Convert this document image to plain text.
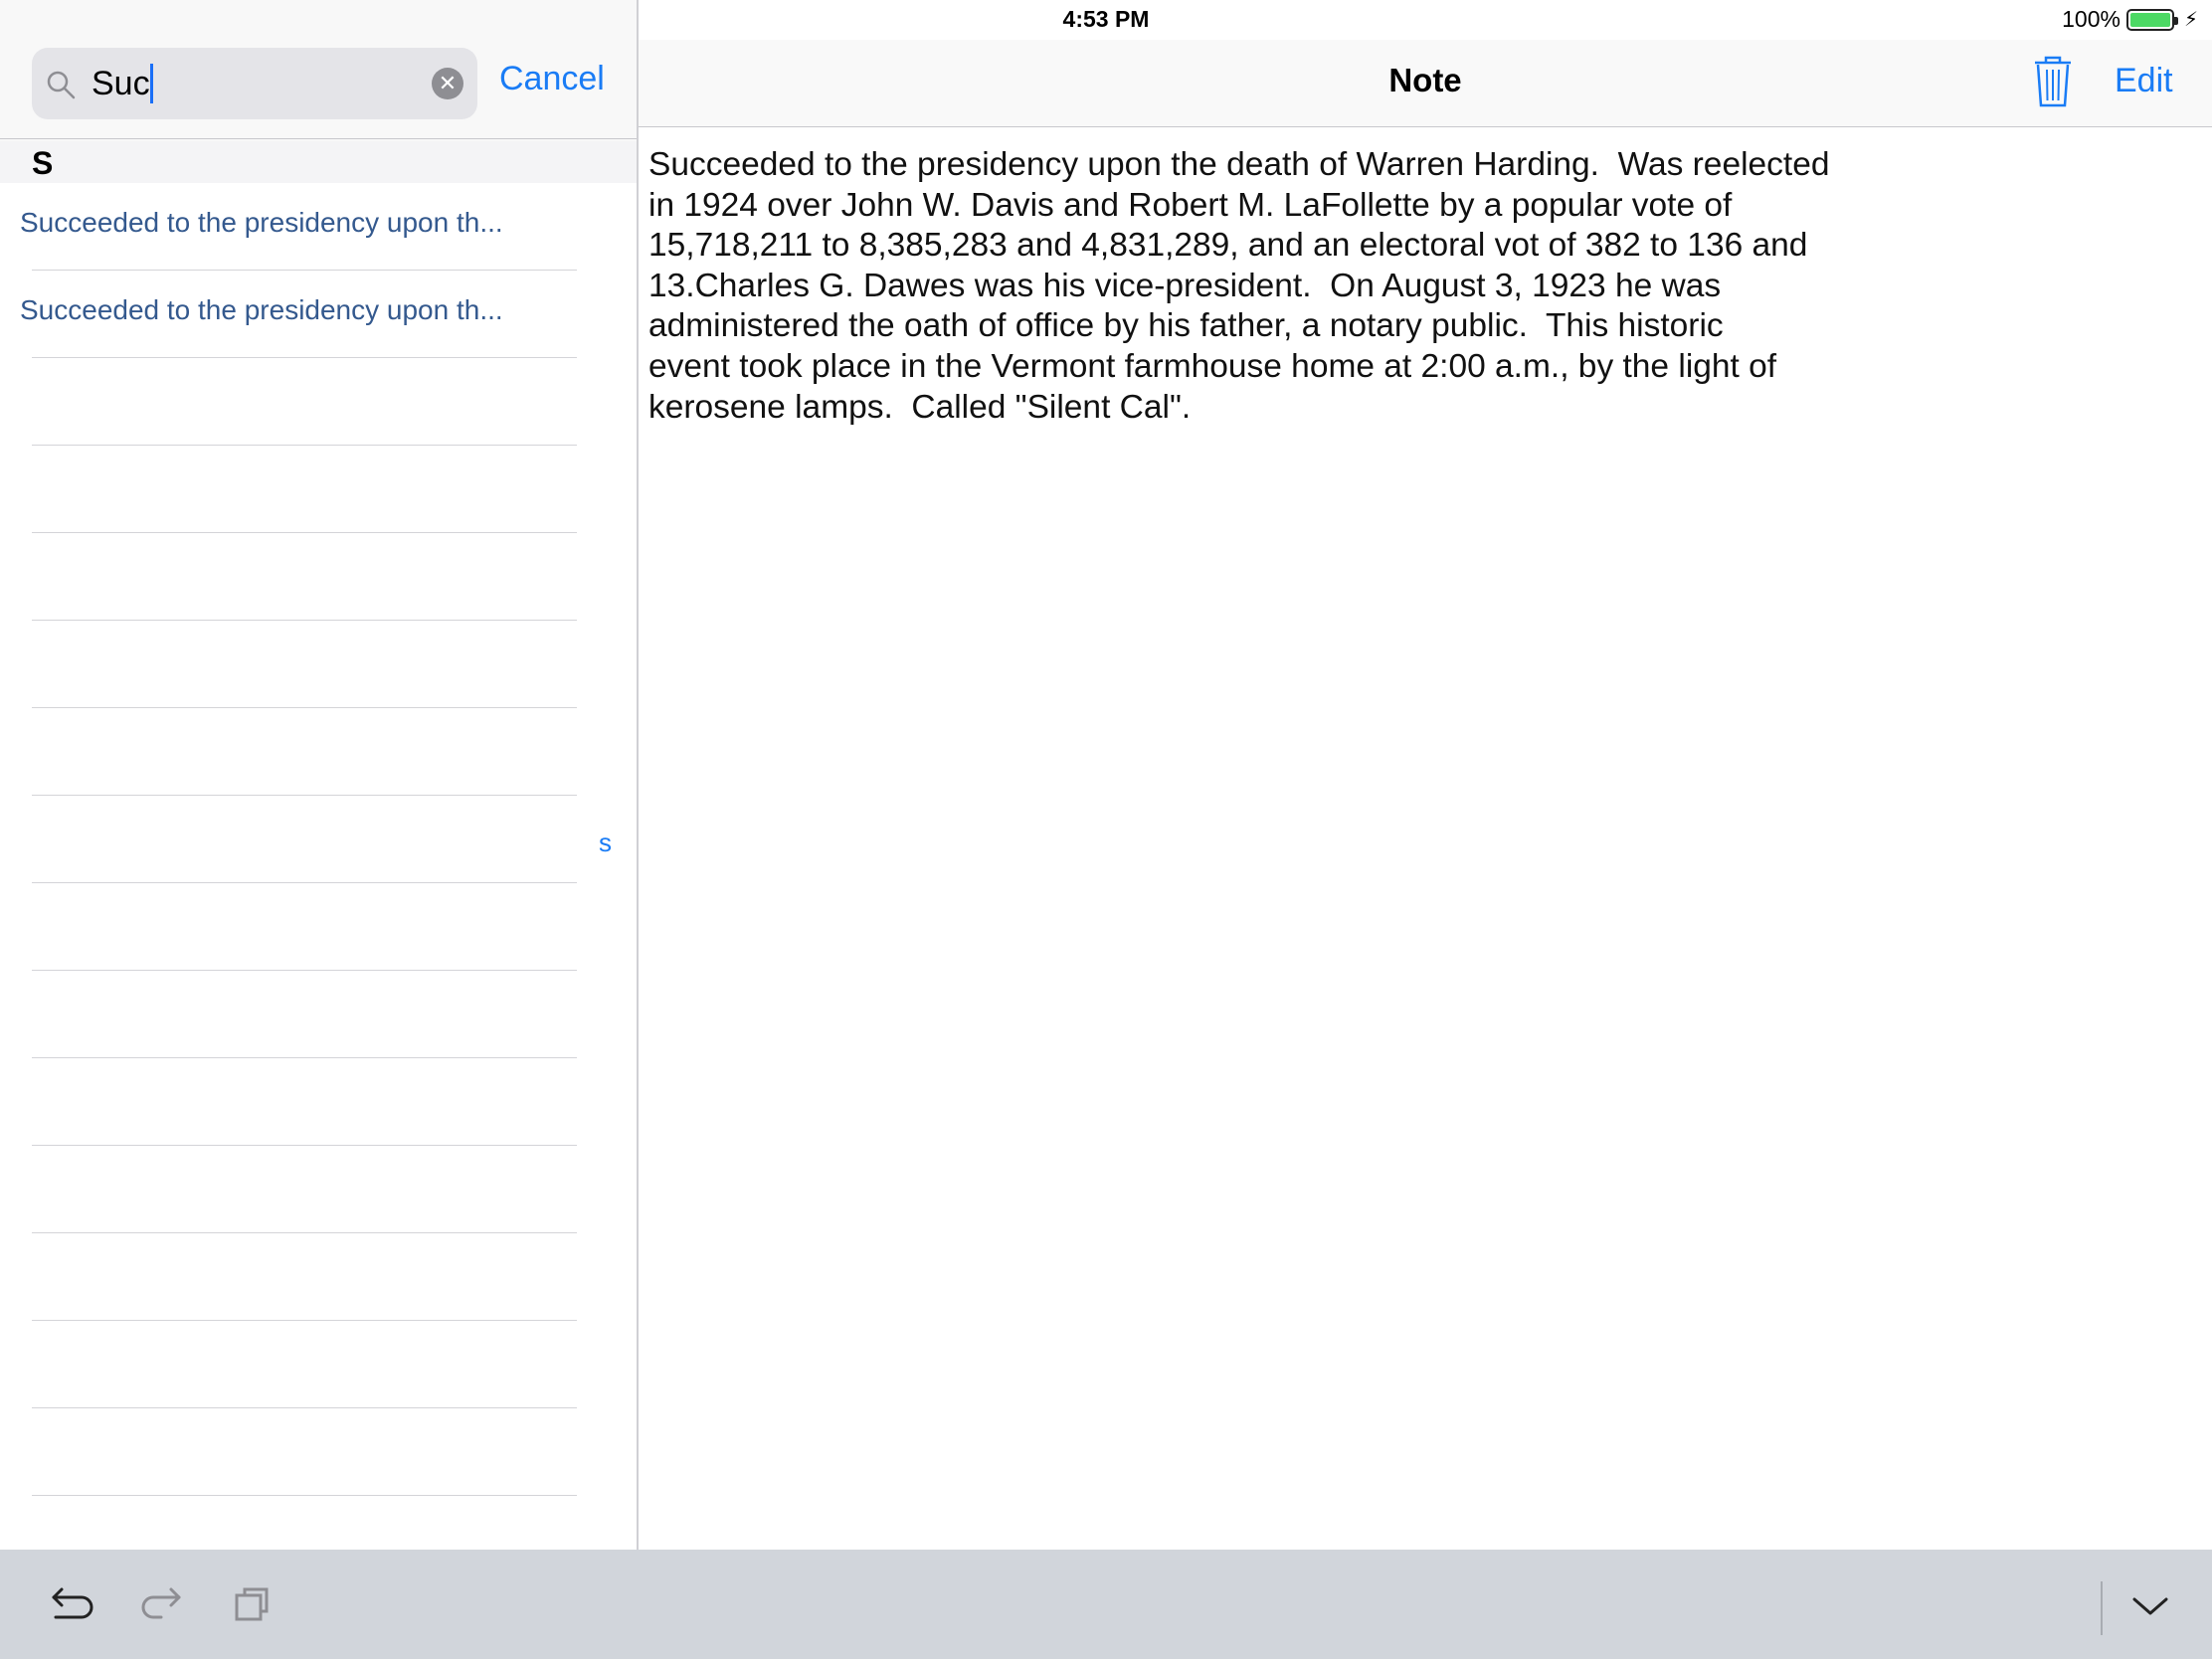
4:53 PM	100%	⚡
Suc	✕ Cancel
S
Succeeded to the presidency upon th...
Succeeded to the presidency upon th...
s
Note	Edit
Succeeded to the presidency upon the death of Warren Harding.  Was reelected
in 1924 over John W. Davis and Robert M. LaFollette by a popular vote of
15,718,211 to 8,385,283 and 4,831,289, and an electoral vot of 382 to 136 and
13.Charles G. Dawes was his vice-president.  On August 3, 1923 he was
administered the oath of office by his father, a notary public.  This historic
event took place in the Vermont farmhouse home at 2:00 a.m., by the light of
kerosene lamps.  Called "Silent Cal".
